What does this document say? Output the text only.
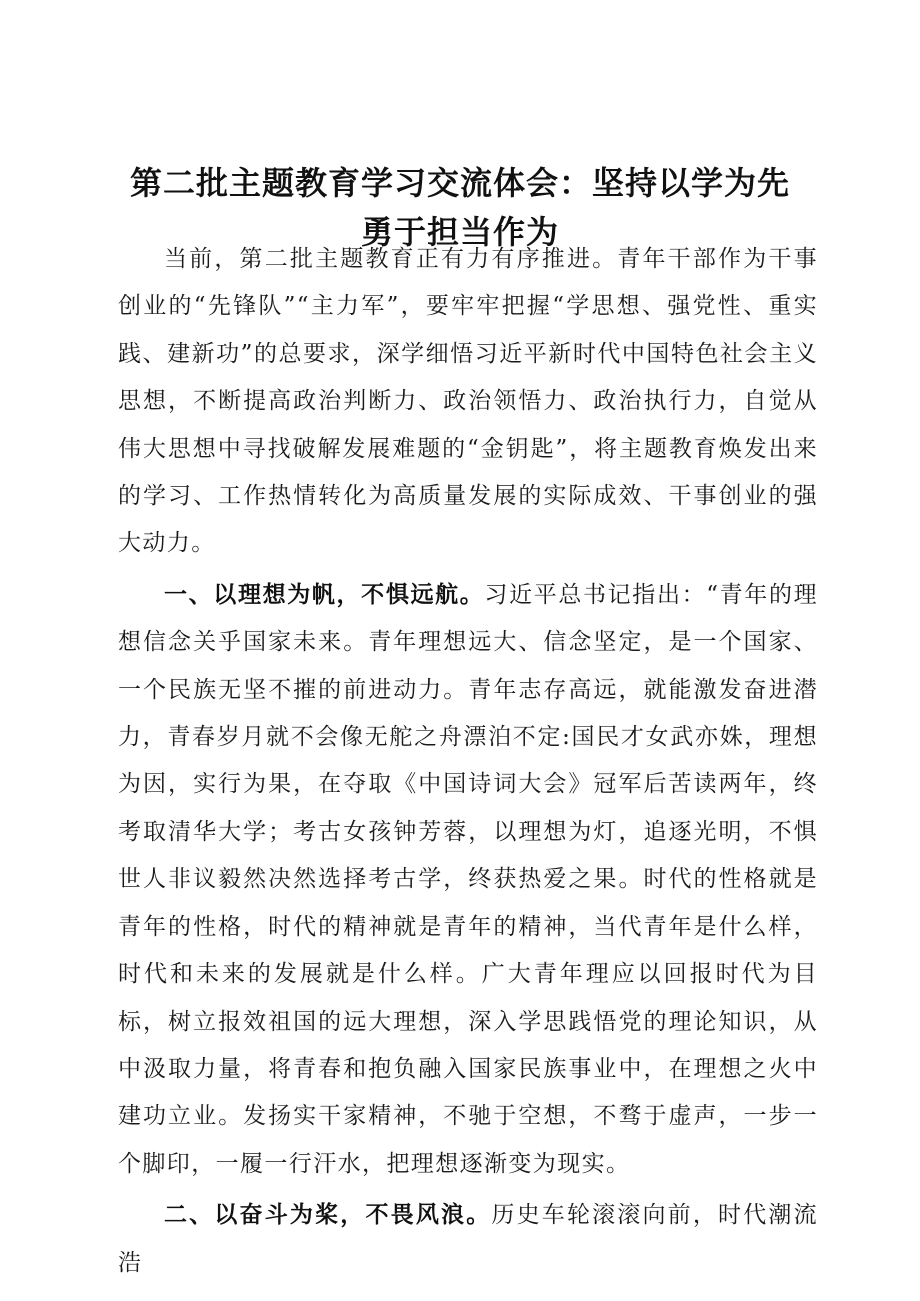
第二批主题教育学习交流体会：坚持以学为先
勇于担当作为

当前，第二批主题教育正有力有序推进。青年干部作为干事创业的“先锋队”“主力军”，要牢牢把握“学思想、强党性、重实践、建新功”的总要求，深学细悟习近平新时代中国特色社会主义思想，不断提高政治判断力、政治领悟力、政治执行力，自觉从伟大思想中寻找破解发展难题的“金钥匙”，将主题教育焕发出来的学习、工作热情转化为高质量发展的实际成效、干事创业的强大动力。

一、以理想为帆，不惧远航。习近平总书记指出：“青年的理想信念关乎国家未来。青年理想远大、信念坚定，是一个国家、一个民族无坚不摧的前进动力。青年志存高远，就能激发奋进潜力，青春岁月就不会像无舵之舟漂泊不定:国民才女武亦姝，理想为因，实行为果，在夺取《中国诗词大会》冠军后苦读两年，终考取清华大学；考古女孩钟芳蓉，以理想为灯，追逐光明，不惧世人非议毅然决然选择考古学，终获热爱之果。时代的性格就是青年的性格，时代的精神就是青年的精神，当代青年是什么样，时代和未来的发展就是什么样。广大青年理应以回报时代为目标，树立报效祖国的远大理想，深入学思践悟党的理论知识，从中汲取力量，将青春和抱负融入国家民族事业中，在理想之火中建功立业。发扬实干家精神，不驰于空想，不骛于虚声，一步一个脚印，一履一行汗水，把理想逐渐变为现实。

二、以奋斗为桨，不畏风浪。历史车轮滚滚向前，时代潮流浩
